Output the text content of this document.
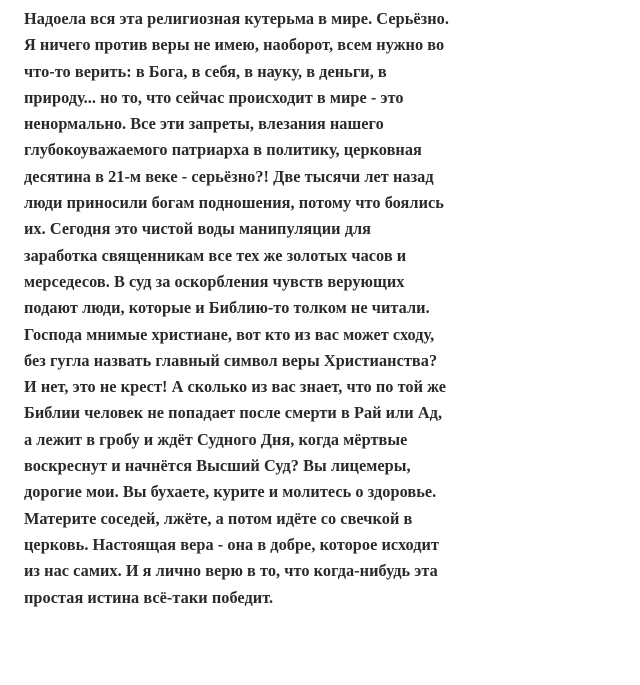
Надоела вся эта религиозная кутерьма в мире. Серьёзно.
Я ничего против веры не имею, наоборот, всем нужно во
что-то верить: в Бога, в себя, в науку, в деньги, в
природу... но то, что сейчас происходит в мире - это
ненормально. Все эти запреты, влезания нашего
глубокоуважаемого патриарха в политику, церковная
десятина в 21-м веке - серьёзно?! Две тысячи лет назад
люди приносили богам подношения, потому что боялись
их. Сегодня это чистой воды манипуляции для
заработка священникам все тех же золотых часов и
мерседесов. В суд за оскорбления чувств верующих
подают люди, которые и Библию-то толком не читали.
Господа мнимые христиане, вот кто из вас может сходу,
без гугла назвать главный символ веры Христианства?
И нет, это не крест! А сколько из вас знает, что по той же
Библии человек не попадает после смерти в Рай или Ад,
а лежит в гробу и ждёт Судного Дня, когда мёртвые
воскреснут и начнётся Высший Суд? Вы лицемеры,
дорогие мои. Вы бухаете, курите и молитесь о здоровье.
Материте соседей, лжёте, а потом идёте со свечкой в
церковь. Настоящая вера - она в добре, которое исходит
из нас самих. И я лично верю в то, что когда-нибудь эта
простая истина всё-таки победит.
